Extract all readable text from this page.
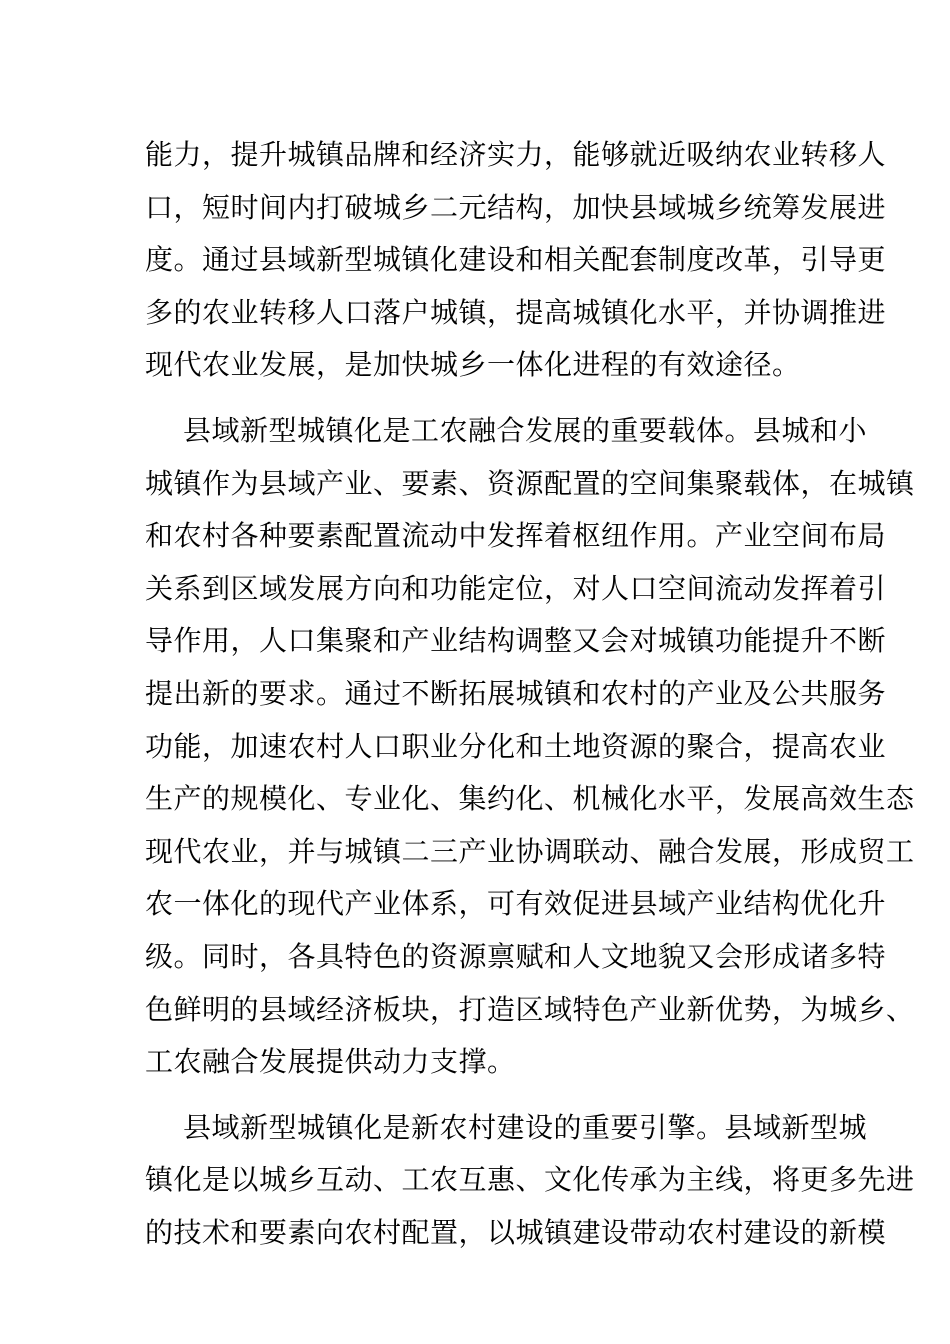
能力，提升城镇品牌和经济实力，能够就近吸纳农业转移人
口，短时间内打破城乡二元结构，加快县域城乡统筹发展进
度。通过县域新型城镇化建设和相关配套制度改革，引导更
多的农业转移人口落户城镇，提高城镇化水平，并协调推进
现代农业发展，是加快城乡一体化进程的有效途径。
县域新型城镇化是工农融合发展的重要载体。县城和小
城镇作为县域产业、要素、资源配置的空间集聚载体，在城镇
和农村各种要素配置流动中发挥着枢纽作用。产业空间布局
关系到区域发展方向和功能定位，对人口空间流动发挥着引
导作用，人口集聚和产业结构调整又会对城镇功能提升不断
提出新的要求。通过不断拓展城镇和农村的产业及公共服务
功能，加速农村人口职业分化和土地资源的聚合，提高农业
生产的规模化、专业化、集约化、机械化水平，发展高效生态
现代农业，并与城镇二三产业协调联动、融合发展，形成贸工
农一体化的现代产业体系，可有效促进县域产业结构优化升
级。同时，各具特色的资源禀赋和人文地貌又会形成诸多特
色鲜明的县域经济板块，打造区域特色产业新优势，为城乡、
工农融合发展提供动力支撑。
县域新型城镇化是新农村建设的重要引擎。县域新型城
镇化是以城乡互动、工农互惠、文化传承为主线，将更多先进
的技术和要素向农村配置，以城镇建设带动农村建设的新模
